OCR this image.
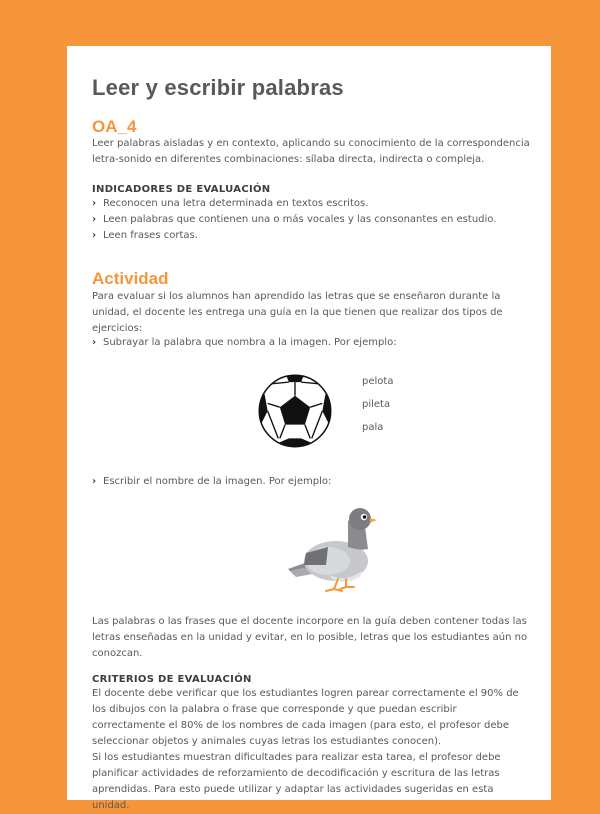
Leer y escribir palabras
OA_4

Leer palabras aisladas y en contexto, aplicando su conocimiento de la correspondencia letra-sonido en diferentes combinaciones: sílaba directa, indirecta o compleja.

INDICADORES DE EVALUACIÓN
› Reconocen una letra determinada en textos escritos.
› Leen palabras que contienen una o más vocales y las consonantes en estudio.
› Leen frases cortas.
Actividad

Para evaluar si los alumnos han aprendido las letras que se enseñaron durante la unidad, el docente les entrega una guía en la que tienen que realizar dos tipos de ejercicios:

› Subrayar la palabra que nombra a la imagen. Por ejemplo:
pelota
pileta
pala
› Escribir el nombre de la imagen. Por ejemplo:

Las palabras o las frases que el docente incorpore en la guía deben contener todas las letras enseñadas en la unidad y evitar, en lo posible, letras que los estudiantes aún no conozcan.

CRITERIOS DE EVALUACIÓN

El docente debe verificar que los estudiantes logren parear correctamente el 90% de los dibujos con la palabra o frase que corresponde y que puedan escribir correctamente el 80% de los nombres de cada imagen (para esto, el profesor debe seleccionar objetos y animales cuyas letras los estudiantes conocen).

Si los estudiantes muestran dificultades para realizar esta tarea, el profesor debe planificar actividades de reforzamiento de decodificación y escritura de las letras aprendidas. Para esto puede utilizar y adaptar las actividades sugeridas en esta unidad.
